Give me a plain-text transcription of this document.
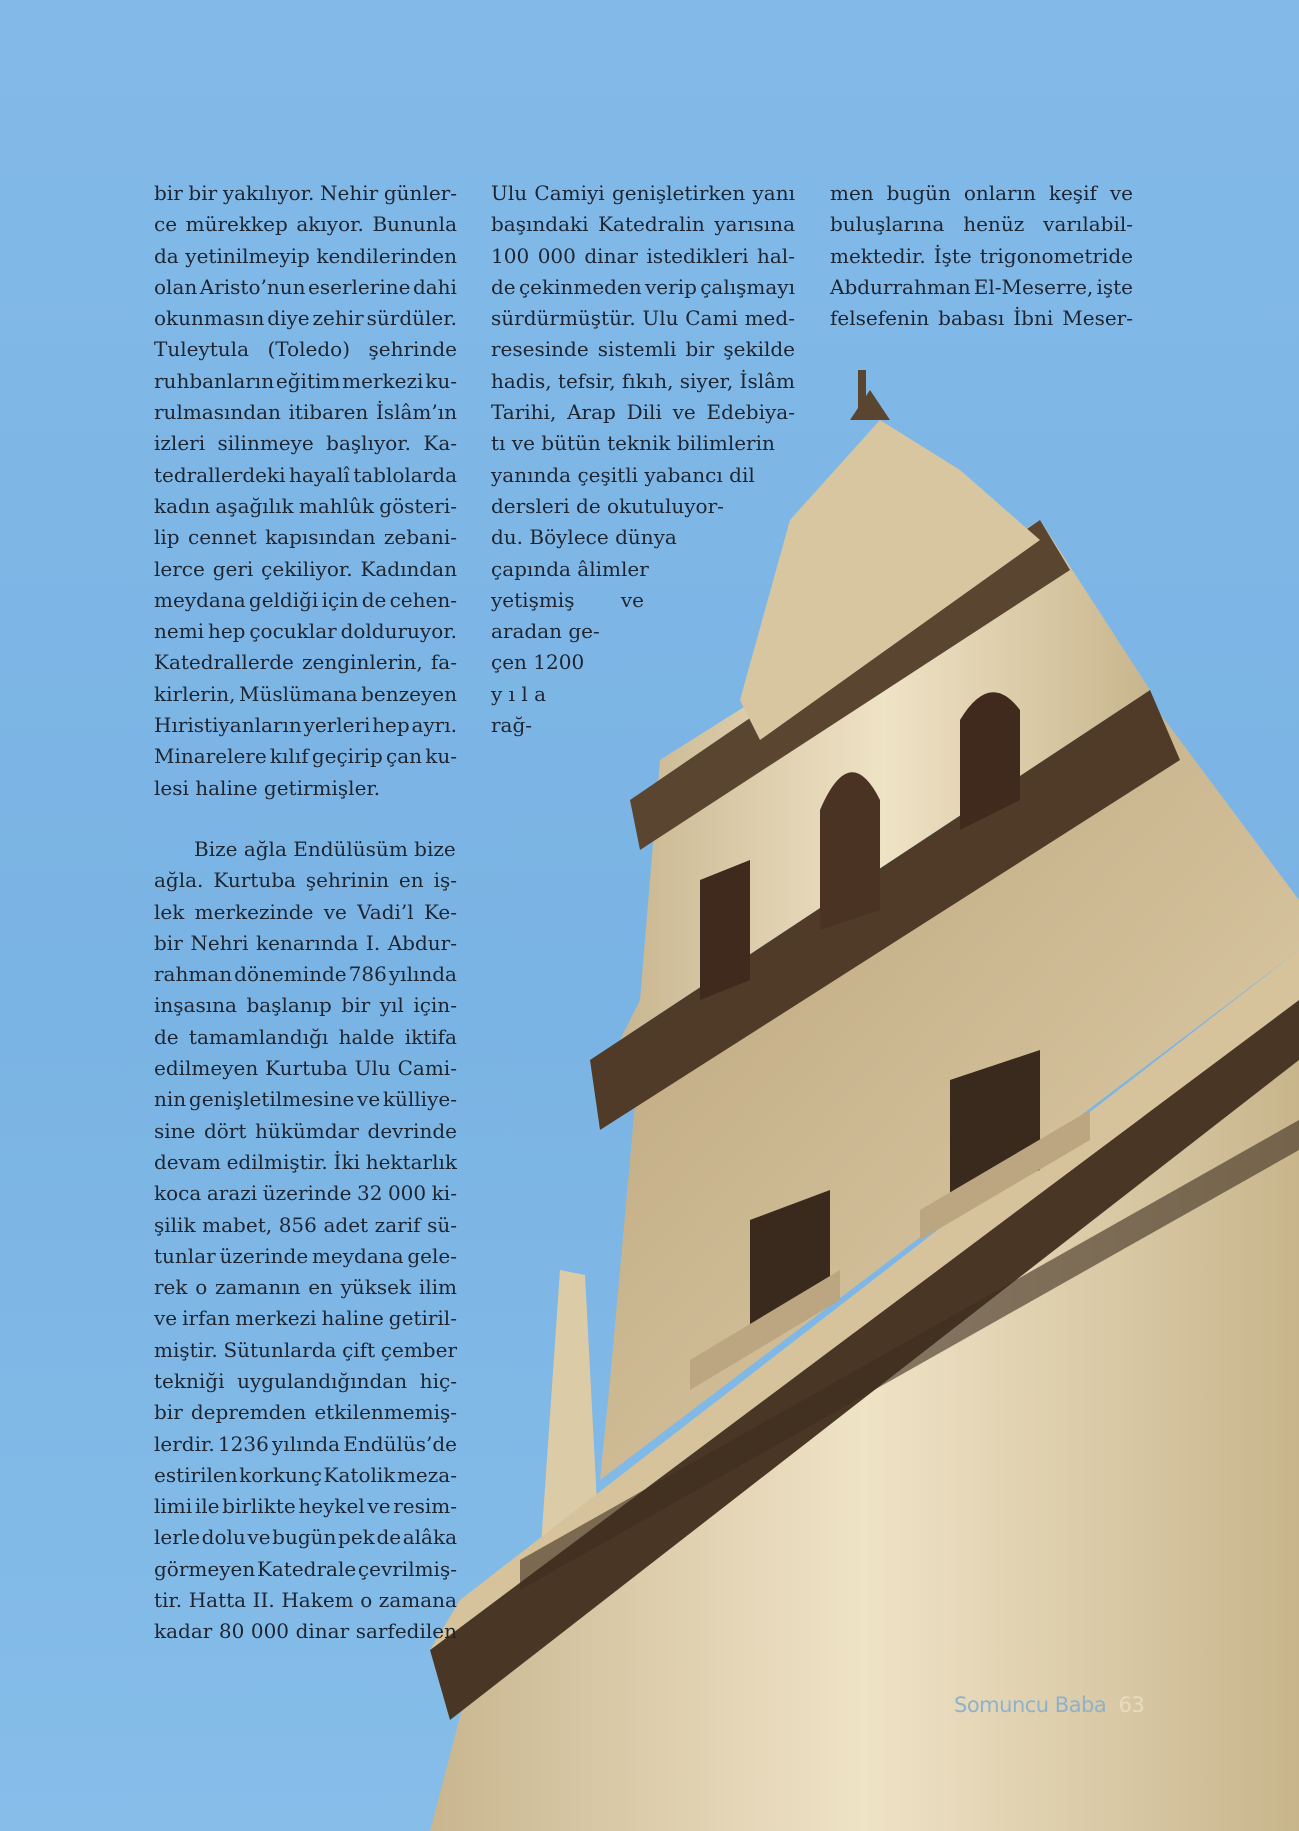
bir bir yakılıyor. Nehir günler-
ce mürekkep akıyor. Bununla
da yetinilmeyip kendilerinden
olan Aristo’nun eserlerine dahi
okunmasın diye zehir sürdüler.
Tuleytula (Toledo) şehrinde
ruhbanların eğitim merkezi ku-
rulmasından itibaren İslâm’ın
izleri silinmeye başlıyor. Ka-
tedrallerdeki hayalî tablolarda
kadın aşağılık mahlûk gösteri-
lip cennet kapısından zebani-
lerce geri çekiliyor. Kadından
meydana geldiği için de cehen-
nemi hep çocuklar dolduruyor.
Katedrallerde zenginlerin, fa-
kirlerin, Müslümana benzeyen
Hıristiyanların yerleri hep ayrı.
Minarelere kılıf geçirip çan ku-
lesi haline getirmişler.
Bize ağla Endülüsüm bize
ağla. Kurtuba şehrinin en iş-
lek merkezinde ve Vadi’l Ke-
bir Nehri kenarında I. Abdur-
rahman döneminde 786 yılında
inşasına başlanıp bir yıl için-
de tamamlandığı halde iktifa
edilmeyen Kurtuba Ulu Cami-
nin genişletilmesine ve külliye-
sine dört hükümdar devrinde
devam edilmiştir. İki hektarlık
koca arazi üzerinde 32 000 ki-
şilik mabet, 856 adet zarif sü-
tunlar üzerinde meydana gele-
rek o zamanın en yüksek ilim
ve irfan merkezi haline getiril-
miştir. Sütunlarda çift çember
tekniği uygulandığından hiç-
bir depremden etkilenmemiş-
lerdir. 1236 yılında Endülüs’de
estirilen korkunç Katolik meza-
limi ile birlikte heykel ve resim-
lerle dolu ve bugün pek de alâka
görmeyen Katedrale çevrilmiş-
tir. Hatta II. Hakem o zamana
kadar 80 000 dinar sarfedilen
Ulu Camiyi genişletirken yanı
başındaki Katedralin yarısına
100 000 dinar istedikleri hal-
de çekinmeden verip çalışmayı
sürdürmüştür. Ulu Cami med-
resesinde sistemli bir şekilde
hadis, tefsir, fıkıh, siyer, İslâm
Tarihi, Arap Dili ve Edebiya-
tı ve bütün teknik bilimlerin
yanında çeşitli yabancı dil
dersleri de okutuluyor-
du. Böylece dünya
çapında âlimler
yetişmiş ve
aradan ge-
çen 1200
y ı l a
rağ-
men bugün onların keşif ve
buluşlarına henüz varılabil-
mektedir. İşte trigonometride
Abdurrahman El-Meserre, işte
felsefenin babası İbni Meser-
Somuncu Baba 63
